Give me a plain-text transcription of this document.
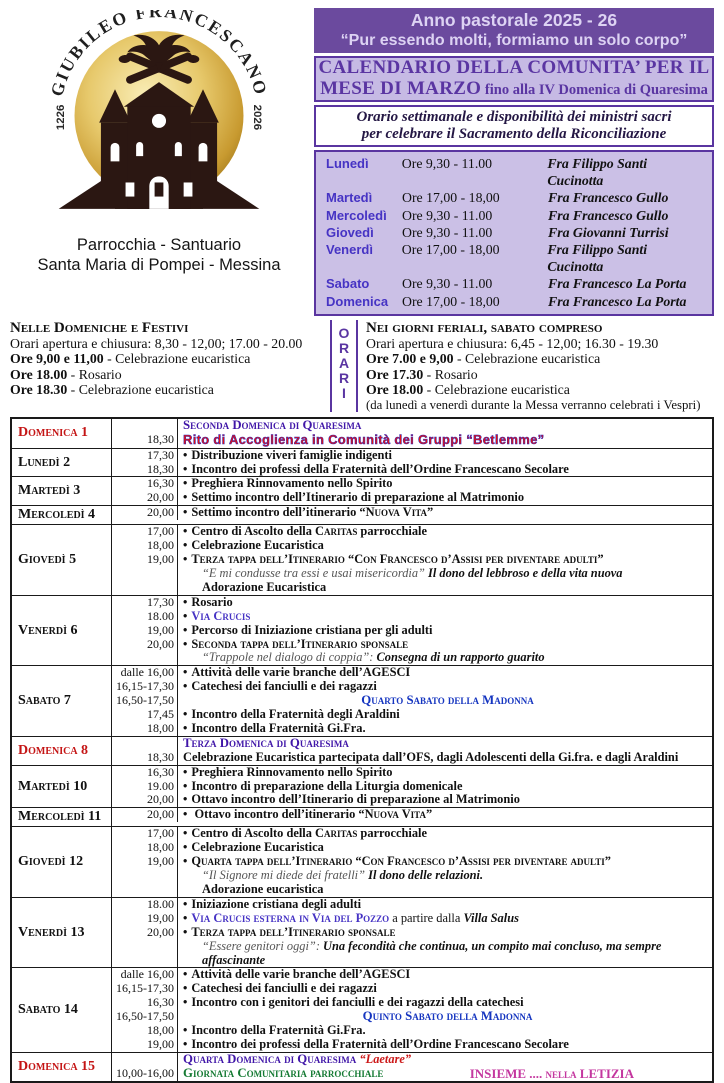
GIUBILEO FRANCESCANO
1226	2026
Parrocchia - Santuario
Santa Maria di Pompei - Messina
Anno pastorale 2025 - 26
“Pur essendo molti, formiamo un solo corpo”
CALENDARIO DELLA COMUNITA’ PER IL
MESE DI MARZO fino alla IV Domenica di Quaresima
Orario settimanale e disponibilità dei ministri sacri
per celebrare il Sacramento della Riconciliazione
Lunedì	Ore 9,30 - 11.00	Fra Filippo Santi Cucinotta
Martedì	Ore 17,00 - 18,00	Fra Francesco Gullo
Mercoledì	Ore 9,30 - 11.00	Fra Francesco Gullo
Giovedì	Ore 9,30 - 11.00	Fra Giovanni Turrisi
Venerdì	Ore 17,00 - 18,00	Fra Filippo Santi Cucinotta
Sabato	Ore 9,30 - 11.00	Fra Francesco La Porta
Domenica	Ore 17,00 - 18,00	Fra Francesco La Porta
Nelle Domeniche e Festivi
Orari apertura e chiusura: 8,30 - 12,00; 17.00 - 20.00
Ore 9,00 e 11,00 - Celebrazione eucaristica
Ore 18.00 - Rosario
Ore 18.30 - Celebrazione eucaristica
O
R
A
R
I
Nei giorni feriali, sabato compreso
Orari apertura e chiusura: 6,45 - 12,00; 16.30 - 19.30
Ore 7.00 e 9,00 - Celebrazione eucaristica
Ore 17.30 - Rosario
Ore 18.00 - Celebrazione eucaristica
(da lunedì a venerdì durante la Messa verranno celebrati i Vespri)
Domenica 1
Seconda Domenica di Quaresima
18,30 Rito di Accoglienza in Comunità dei Gruppi “Betlemme”
Lunedì 2	17,30 • Distribuzione viveri famiglie indigenti
18,30 • Incontro dei professi della Fraternità dell’Ordine Francescano Secolare
Martedì 3	16,30 • Preghiera Rinnovamento nello Spirito
20,00 • Settimo incontro dell’Itinerario di preparazione al Matrimonio
Mercoledì 4	20,00 • Settimo incontro dell’itinerario “Nuova Vita”
Giovedì 5
17,00 • Centro di Ascolto della Caritas parrocchiale
18,00 • Celebrazione Eucaristica
19,00 • Terza tappa dell’Itinerario “Con Francesco d’Assisi per diventare adulti”
“E mi condusse tra essi e usai misericordia” Il dono del lebbroso e della vita nuova
Adorazione Eucaristica
Venerdì 6
17,30 • Rosario
18.00 • Via Crucis
19,00 • Percorso di Iniziazione cristiana per gli adulti
20,00 • Seconda tappa dell’Itinerario sponsale
“Trappole nel dialogo di coppia”: Consegna di un rapporto guarito
Sabato 7
dalle 16,00 • Attività delle varie branche dell’AGESCI
16,15-17,30 • Catechesi dei fanciulli e dei ragazzi
16,50-17,50	Quarto Sabato della Madonna
17,45 • Incontro della Fraternità degli Araldini
18,00 • Incontro della Fraternità Gi.Fra.
Domenica 8	Terza Domenica di Quaresima
18,30 Celebrazione Eucaristica partecipata dall’OFS, dagli Adolescenti della Gi.fra. e dagli Araldini
Martedì 10
16,30 • Preghiera Rinnovamento nello Spirito
19.00 • Incontro di preparazione della Liturgia domenicale
20,00 • Ottavo incontro dell’Itinerario di preparazione al Matrimonio
Mercoledì 11	20,00 • Ottavo incontro dell’itinerario “Nuova Vita”
Giovedì 12
17,00 • Centro di Ascolto della Caritas parrocchiale
18,00 • Celebrazione Eucaristica
19,00 • Quarta tappa dell’Itinerario “Con Francesco d’Assisi per diventare adulti”
“Il Signore mi diede dei fratelli” Il dono delle relazioni.
Adorazione eucaristica
Venerdì 13
18.00 • Iniziazione cristiana degli adulti
19,00 • Via Crucis esterna in Via del Pozzo a partire dalla Villa Salus
20,00 • Terza tappa dell’Itinerario sponsale
“Essere genitori oggi”: Una fecondità che continua, un compito mai concluso, ma sempre affascinante
Sabato 14
dalle 16,00 • Attività delle varie branche dell’AGESCI
16,15-17,30 • Catechesi dei fanciulli e dei ragazzi
16,30 • Incontro con i genitori dei fanciulli e dei ragazzi della catechesi
16,50-17,50	Quinto Sabato della Madonna
18,00 • Incontro della Fraternità Gi.Fra.
19,00 • Incontro dei professi della Fraternità dell’Ordine Francescano Secolare
Domenica 15	Quarta Domenica di Quaresima “Laetare”
10,00-16,00 Giornata Comunitaria parrocchiale	INSIEME .... nella LETIZIA
